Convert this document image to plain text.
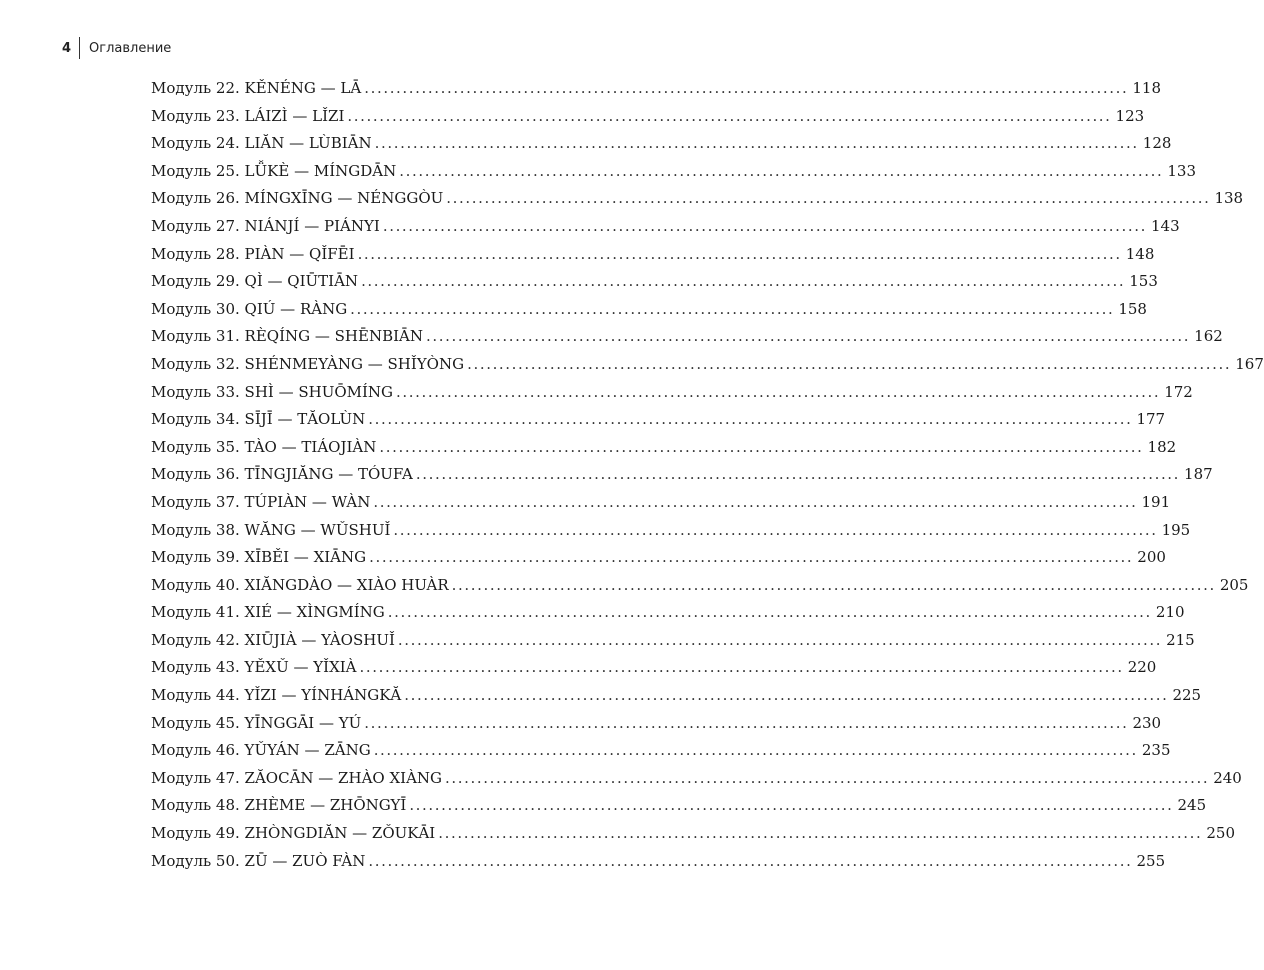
4	Оглавление
Модуль 22. KĚNÉNG — LĀ ........................................................................................................................ 118
Модуль 23. LÁIZÌ — LǏZI ........................................................................................................................ 123
Модуль 24. LIĂN — LÙBIĀN ........................................................................................................................ 128
Модуль 25. LǙKÈ — MÍNGDĀN ........................................................................................................................ 133
Модуль 26. MÍNGXĪNG — NÉNGGÒU ........................................................................................................................ 138
Модуль 27. NIÁNJÍ — PIÁNYI ........................................................................................................................ 143
Модуль 28. PIÀN — QǏFĒI ........................................................................................................................ 148
Модуль 29. QÌ — QIŪTIĀN ........................................................................................................................ 153
Модуль 30. QIÚ — RÀNG ........................................................................................................................ 158
Модуль 31. RÈQÍNG — SHĒNBIĀN ........................................................................................................................ 162
Модуль 32. SHÉNMEYÀNG — SHǏYÒNG ........................................................................................................................ 167
Модуль 33. SHÌ — SHUŌMÍNG ........................................................................................................................ 172
Модуль 34. SĪJĪ — TĂOLÙN ........................................................................................................................ 177
Модуль 35. TÀO — TIÁOJIÀN ........................................................................................................................ 182
Модуль 36. TĪNGJIĂNG — TÓUFA ........................................................................................................................ 187
Модуль 37. TÚPIÀN — WÀN ........................................................................................................................ 191
Модуль 38. WĂNG — WǓSHUǏ ........................................................................................................................ 195
Модуль 39. XĪBĚI — XIĀNG ........................................................................................................................ 200
Модуль 40. XIĂNGDÀO — XIÀO HUÀR ........................................................................................................................ 205
Модуль 41. XIÉ — XÌNGMÍNG ........................................................................................................................ 210
Модуль 42. XIŪJIÀ — YÀOSHUǏ ........................................................................................................................ 215
Модуль 43. YĚXǓ — YǏXIÀ ........................................................................................................................ 220
Модуль 44. YǏZI — YÍNHÁNGKĂ ........................................................................................................................ 225
Модуль 45. YĪNGGĀI — YÚ ........................................................................................................................ 230
Модуль 46. YǓYÁN — ZĀNG ........................................................................................................................ 235
Модуль 47. ZĂOCĀN — ZHÀO XIÀNG ........................................................................................................................ 240
Модуль 48. ZHÈME — ZHŌNGYĪ ........................................................................................................................ 245
Модуль 49. ZHÒNGDIĂN — ZǑUKĀI ........................................................................................................................ 250
Модуль 50. ZŪ — ZUÒ FÀN ........................................................................................................................ 255
